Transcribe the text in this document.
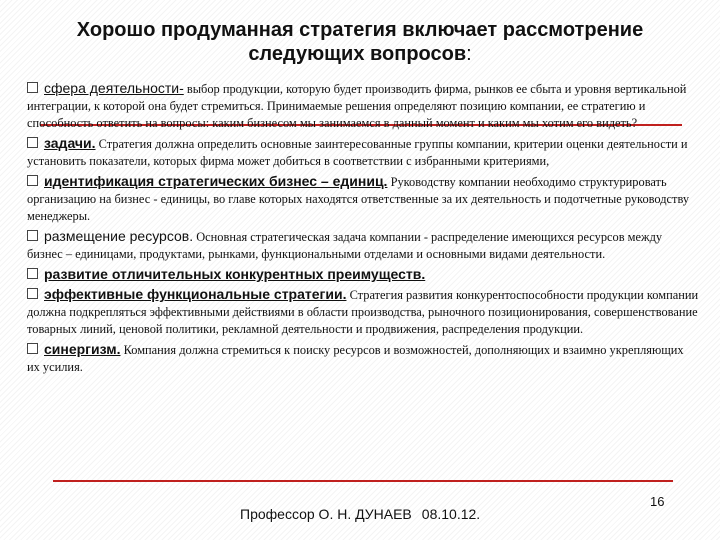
Хорошо продуманная стратегия включает рассмотрение следующих вопросов:
сфера деятельности- выбор продукции, которую будет производить фирма, рынков ее сбыта и уровня вертикальной интеграции, к которой она будет стремиться. Принимаемые решения определяют позицию компании, ее стратегию и способность ответить на вопросы: каким бизнесом мы занимаемся в данный момент и каким мы хотим его видеть?
задачи. Стратегия должна определить основные заинтересованные группы компании, критерии оценки деятельности и установить показатели, которых фирма может добиться в соответствии с избранными критериями,
идентификация стратегических бизнес – единиц. Руководству компании необходимо структурировать организацию на бизнес - единицы, во главе которых находятся ответственные за их деятельность и подотчетные руководству менеджеры.
размещение ресурсов. Основная стратегическая задача компании - распределение имеющихся ресурсов между бизнес – единицами, продуктами, рынками, функциональными отделами и основными видами деятельности.
развитие отличительных конкурентных преимуществ.
эффективные функциональные стратегии. Стратегия развития конкурентоспособности продукции компании должна подкрепляться эффективными действиями в области производства, рыночного позиционирования, совершенствование товарных линий, ценовой политики, рекламной деятельности и продвижения, распределения продукции.
синергизм. Компания должна стремиться к поиску ресурсов и возможностей, дополняющих и взаимно укрепляющих их усилия.
Профессор О. Н. ДУНАЕВ 08.10.12.
16
